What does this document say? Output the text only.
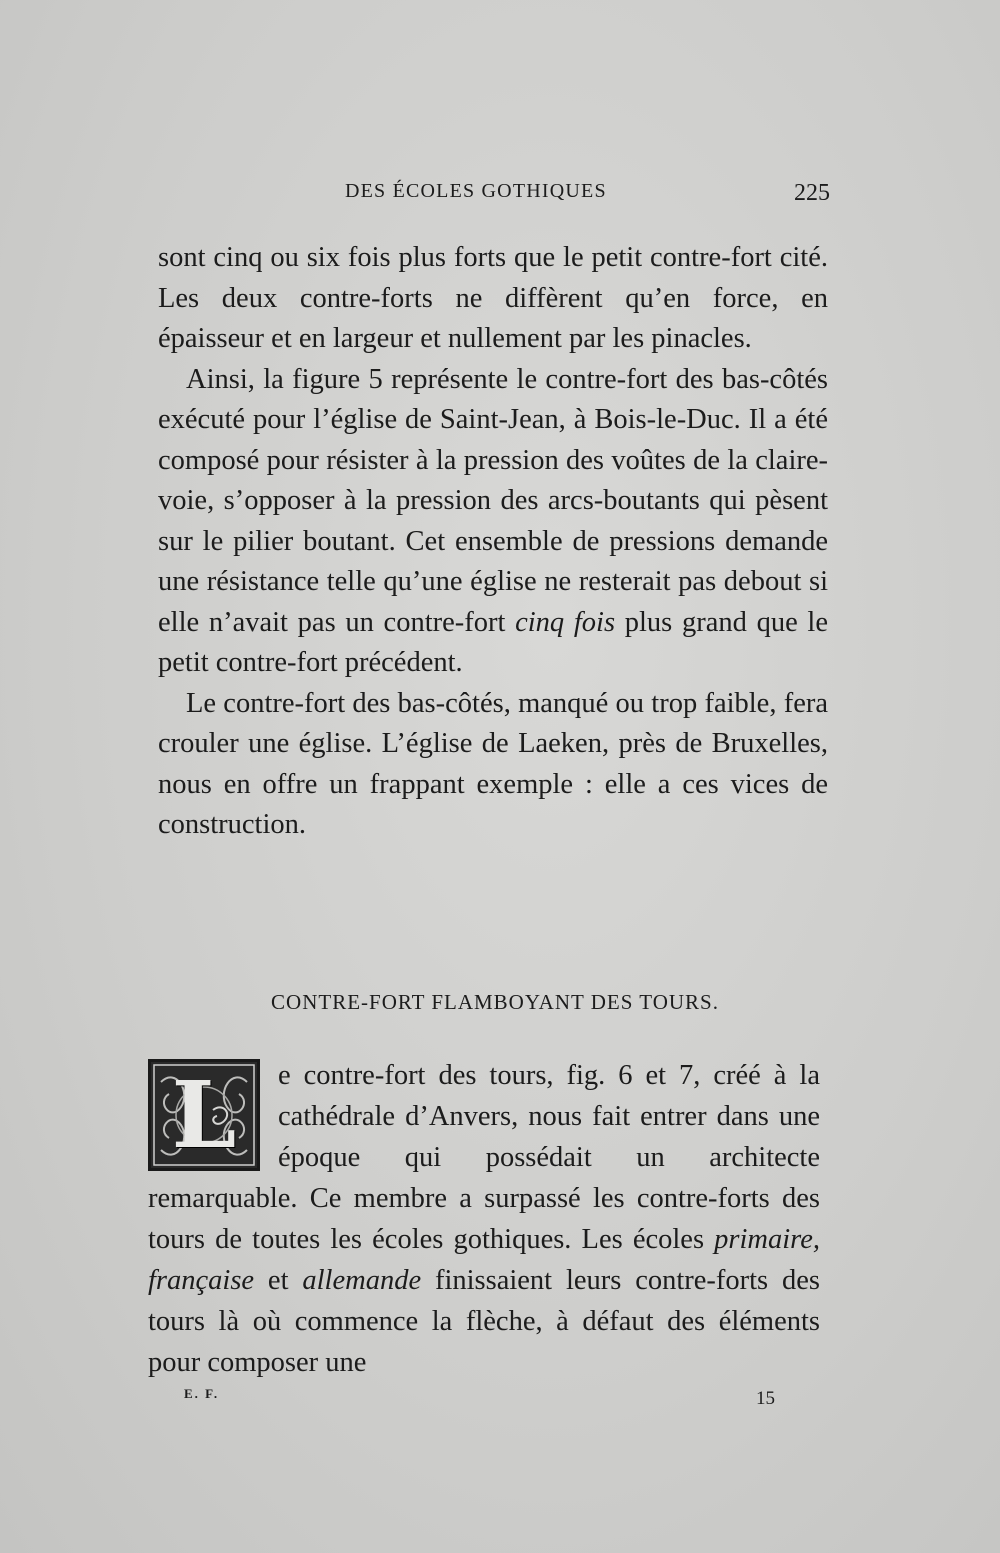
DES ÉCOLES GOTHIQUES	225

sont cinq ou six fois plus forts que le petit contre-fort cité. Les deux contre-forts ne diffèrent qu’en force, en épaisseur et en largeur et nullement par les pinacles.

Ainsi, la figure 5 représente le contre-fort des bas-côtés exécuté pour l’église de Saint-Jean, à Bois-le-Duc. Il a été composé pour résister à la pression des voûtes de la claire-voie, s’opposer à la pression des arcs-boutants qui pèsent sur le pilier boutant. Cet ensemble de pressions demande une résistance telle qu’une église ne resterait pas debout si elle n’avait pas un contre-fort cinq fois plus grand que le petit contre-fort précédent.

Le contre-fort des bas-côtés, manqué ou trop faible, fera crouler une église. L’église de Laeken, près de Bruxelles, nous en offre un frappant exemple : elle a ces vices de construction.

CONTRE-FORT FLAMBOYANT DES TOURS.
L	e contre-fort des tours, fig. 6 et 7, créé à la cathédrale d’Anvers, nous fait entrer dans une époque qui possédait un architecte remarquable. Ce membre a surpassé les contre-forts des tours de toutes les écoles gothiques. Les écoles primaire, française et allemande finissaient leurs contre-forts des tours là où commence la flèche, à défaut des éléments pour composer une
E. F.	15
